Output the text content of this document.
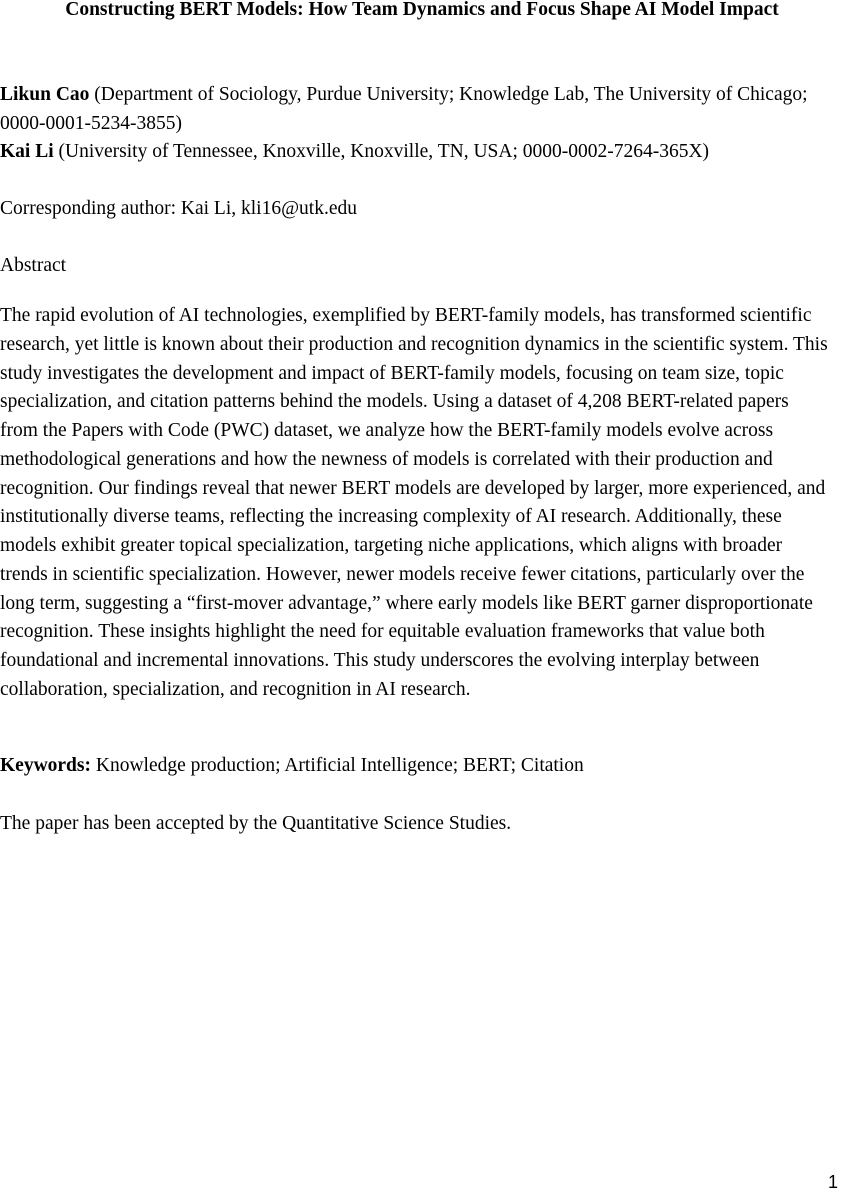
Constructing BERT Models: How Team Dynamics and Focus Shape AI Model Impact
Likun Cao (Department of Sociology, Purdue University; Knowledge Lab, The University of Chicago; 0000-0001-5234-3855)
Kai Li (University of Tennessee, Knoxville, Knoxville, TN, USA; 0000-0002-7264-365X)
Corresponding author: Kai Li, kli16@utk.edu
Abstract
The rapid evolution of AI technologies, exemplified by BERT-family models, has transformed scientific research, yet little is known about their production and recognition dynamics in the scientific system. This study investigates the development and impact of BERT-family models, focusing on team size, topic specialization, and citation patterns behind the models. Using a dataset of 4,208 BERT-related papers from the Papers with Code (PWC) dataset, we analyze how the BERT-family models evolve across methodological generations and how the newness of models is correlated with their production and recognition. Our findings reveal that newer BERT models are developed by larger, more experienced, and institutionally diverse teams, reflecting the increasing complexity of AI research. Additionally, these models exhibit greater topical specialization, targeting niche applications, which aligns with broader trends in scientific specialization. However, newer models receive fewer citations, particularly over the long term, suggesting a “first-mover advantage,” where early models like BERT garner disproportionate recognition. These insights highlight the need for equitable evaluation frameworks that value both foundational and incremental innovations. This study underscores the evolving interplay between collaboration, specialization, and recognition in AI research.
Keywords: Knowledge production; Artificial Intelligence; BERT; Citation
The paper has been accepted by the Quantitative Science Studies.
1
